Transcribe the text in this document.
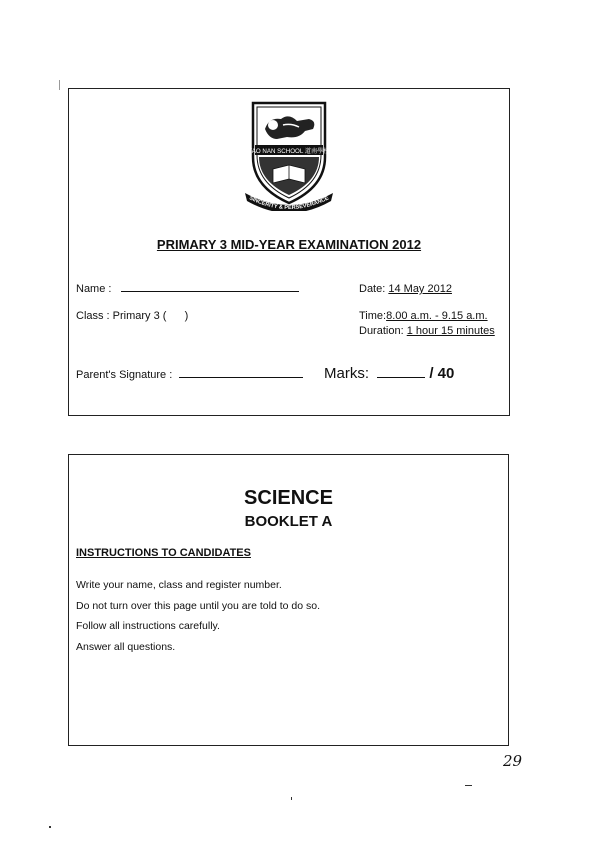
TAO NAN SCHOOL 道南學校
SINCERITY & PERSEVERANCE
PRIMARY 3 MID-YEAR EXAMINATION 2012
Name :	Date: 14 May 2012
Class : Primary 3 ( )	Time:8.00 a.m. - 9.15 a.m.
Duration: 1 hour 15 minutes
Parent's Signature :	Marks:	/ 40
SCIENCE
BOOKLET A
INSTRUCTIONS TO CANDIDATES
Write your name, class and register number.
Do not turn over this page until you are told to do so.
Follow all instructions carefully.
Answer all questions.
29
